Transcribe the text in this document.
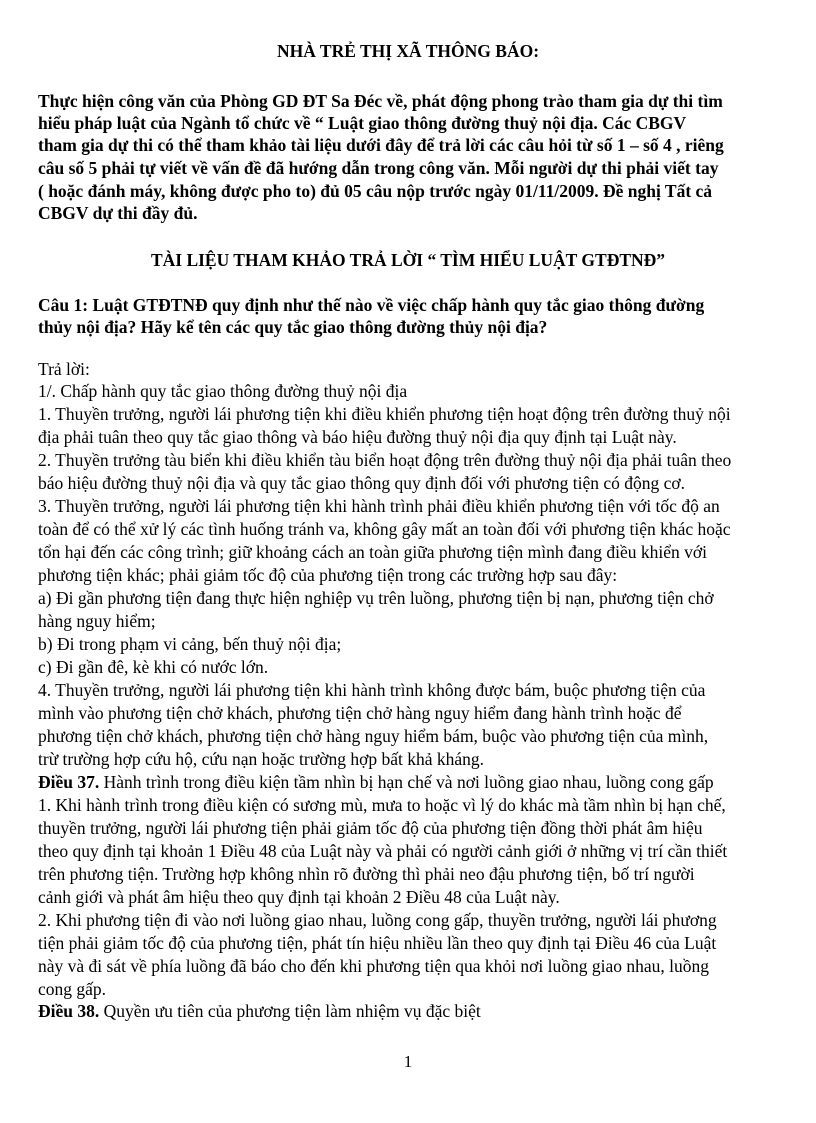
NHÀ TRẺ THỊ XÃ THÔNG BÁO:
Thực hiện công văn của Phòng GD ĐT Sa Đéc về, phát động phong trào tham gia dự thi tìm
hiểu pháp luật của Ngành tổ chức về “ Luật giao thông đường thuỷ nội địa. Các CBGV
tham gia dự thi có thể tham khảo tài liệu dưới đây để trả lời các câu hỏi từ số 1 – số 4 , riêng
câu số 5 phải tự viết về vấn đề đã hướng dẫn trong công văn. Mỗi người dự thi phải viết tay
( hoặc đánh máy, không được pho to) đủ 05 câu nộp trước ngày 01/11/2009. Đề nghị Tất cả
CBGV dự thi đầy đủ.
TÀI LIỆU THAM KHẢO TRẢ LỜI “ TÌM HIỂU LUẬT GTĐTNĐ”
Câu 1: Luật GTĐTNĐ quy định như thế nào về việc chấp hành quy tắc giao thông đường
thủy nội địa? Hãy kể tên các quy tắc giao thông đường thủy nội địa?
Trả lời:
1/. Chấp hành quy tắc giao thông đường thuỷ nội địa
1. Thuyền trưởng, người lái phương tiện khi điều khiển phương tiện hoạt động trên đường thuỷ nội
địa phải tuân theo quy tắc giao thông và báo hiệu đường thuỷ nội địa quy định tại Luật này.
2. Thuyền trưởng tàu biển khi điều khiển tàu biển hoạt động trên đường thuỷ nội địa phải tuân theo
báo hiệu đường thuỷ nội địa và quy tắc giao thông quy định đối với phương tiện có động cơ.
3. Thuyền trưởng, người lái phương tiện khi hành trình phải điều khiển phương tiện với tốc độ an
toàn để có thể xử lý các tình huống tránh va, không gây mất an toàn đối với phương tiện khác hoặc
tổn hại đến các công trình; giữ khoảng cách an toàn giữa phương tiện mình đang điều khiển với
phương tiện khác; phải giảm tốc độ của phương tiện trong các trường hợp sau đây:
a) Đi gần phương tiện đang thực hiện nghiệp vụ trên luồng, phương tiện bị nạn, phương tiện chở
hàng nguy hiểm;
b) Đi trong phạm vi cảng, bến thuỷ nội địa;
c) Đi gần đê, kè khi có nước lớn.
4. Thuyền trưởng, người lái phương tiện khi hành trình không được bám, buộc phương tiện của
mình vào phương tiện chở khách, phương tiện chở hàng nguy hiểm đang hành trình hoặc để
phương tiện chở khách, phương tiện chở hàng nguy hiểm bám, buộc vào phương tiện của mình,
trừ trường hợp cứu hộ, cứu nạn hoặc trường hợp bất khả kháng.
Điều 37. Hành trình trong điều kiện tầm nhìn bị hạn chế và nơi luồng giao nhau, luồng cong gấp
1. Khi hành trình trong điều kiện có sương mù, mưa to hoặc vì lý do khác mà tầm nhìn bị hạn chế,
thuyền trưởng, người lái phương tiện phải giảm tốc độ của phương tiện đồng thời phát âm hiệu
theo quy định tại khoản 1 Điều 48 của Luật này và phải có người cảnh giới ở những vị trí cần thiết
trên phương tiện. Trường hợp không nhìn rõ đường thì phải neo đậu phương tiện, bố trí người
cảnh giới và phát âm hiệu theo quy định tại khoản 2 Điều 48 của Luật này.
2. Khi phương tiện đi vào nơi luồng giao nhau, luồng cong gấp, thuyền trưởng, người lái phương
tiện phải giảm tốc độ của phương tiện, phát tín hiệu nhiều lần theo quy định tại Điều 46 của Luật
này và đi sát về phía luồng đã báo cho đến khi phương tiện qua khỏi nơi luồng giao nhau, luồng
cong gấp.
Điều 38. Quyền ưu tiên của phương tiện làm nhiệm vụ đặc biệt
1
